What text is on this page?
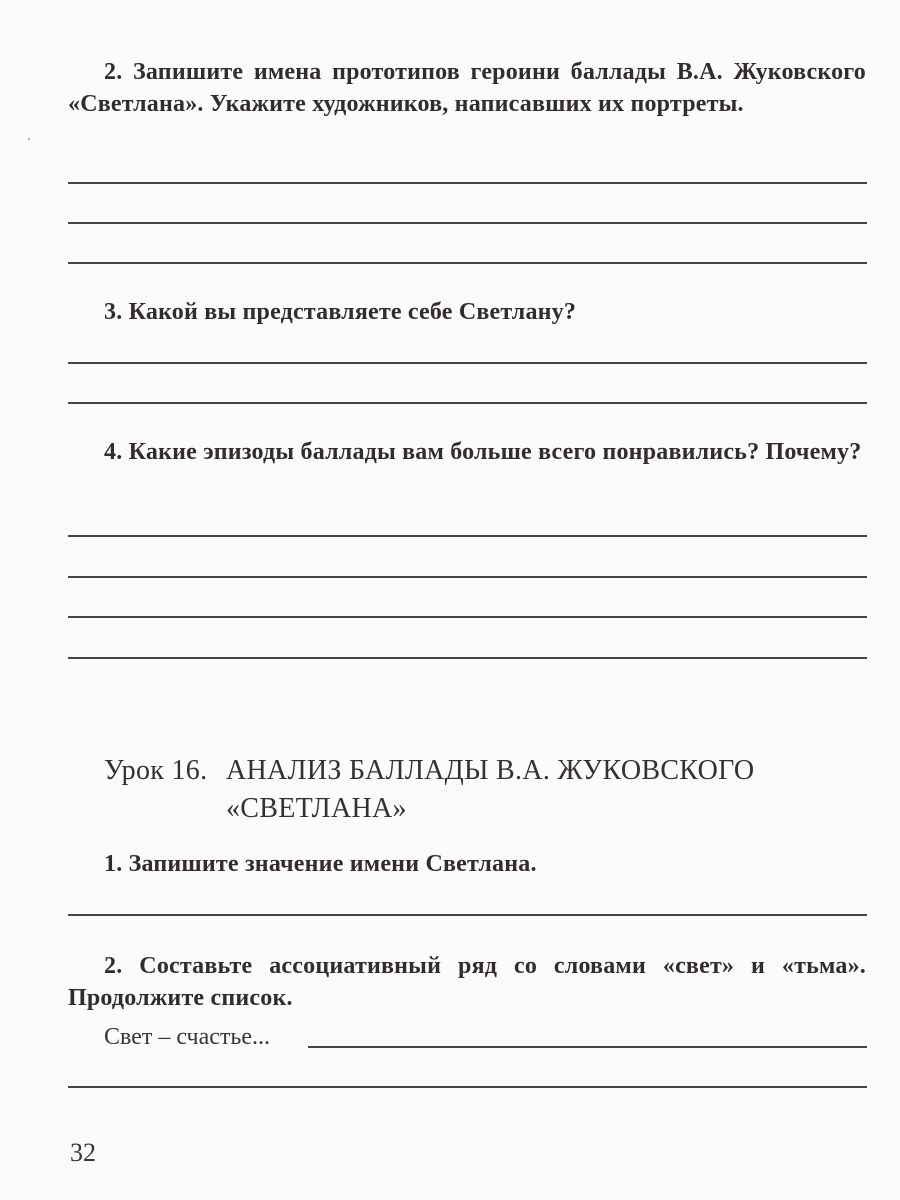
2. Запишите имена прототипов героини баллады В.А. Жуковского «Светлана». Укажите художников, написавших их портреты.
3. Какой вы представляете себе Светлану?
4. Какие эпизоды баллады вам больше всего понравились? Почему?
Урок 16. АНАЛИЗ БАЛЛАДЫ В.А. ЖУКОВСКОГО
«СВЕТЛАНА»
1. Запишите значение имени Светлана.
2. Составьте ассоциативный ряд со словами «свет» и «тьма». Продолжите список.
Свет – счастье...
32
